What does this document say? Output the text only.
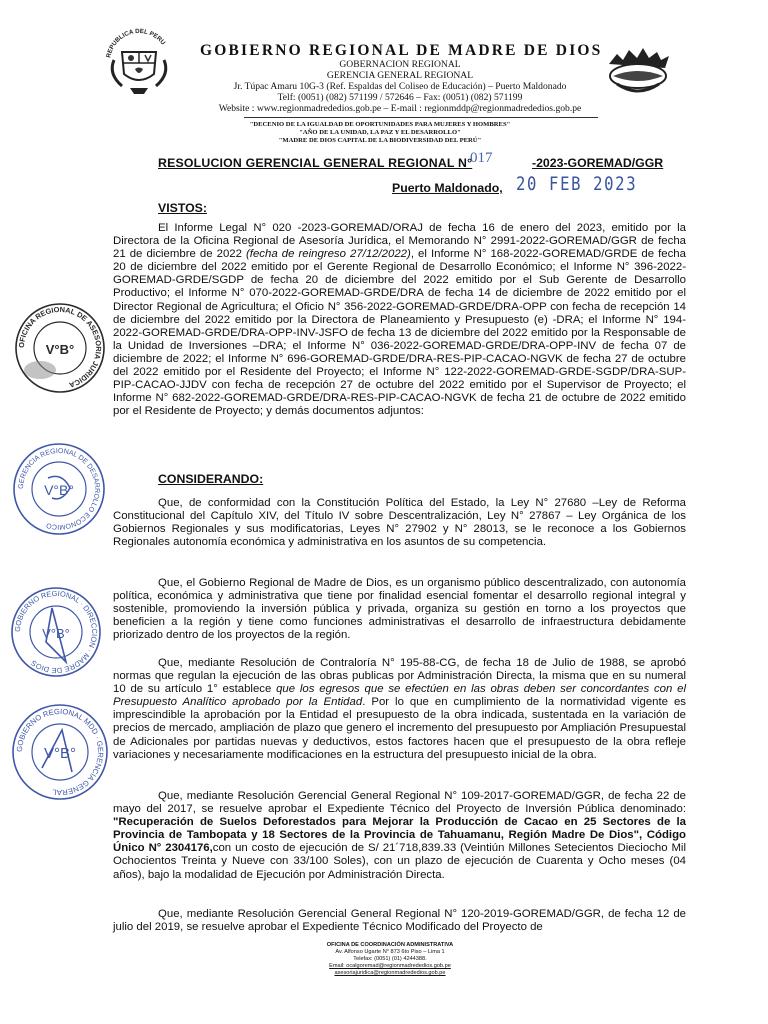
REPUBLICA DEL PERU GOBIERNO REGIONAL DE MADRE DE DIOS
GOBERNACION REGIONAL
GERENCIA GENERAL REGIONAL
Jr. Túpac Amaru 10G-3 (Ref. Espaldas del Coliseo de Educación) – Puerto Maldonado
Telf: (0051) (082) 571199 / 572646 – Fax: (0051) (082) 571199
Website : www.regionmadrededios.gob.pe – E-mail : regionmddp@regionmadrededios.gob.pe
"DECENIO DE LA IGUALDAD DE OPORTUNIDADES PARA MUJERES Y HOMBRES"
"AÑO DE LA UNIDAD, LA PAZ Y EL DESARROLLO"
"MADRE DE DIOS CAPITAL DE LA BIODIVERSIDAD DEL PERÚ"
RESOLUCION GERENCIAL GENERAL REGIONAL N°
017	-2023-GOREMAD/GGR
Puerto Maldonado, 20 FEB 2023
VISTOS:

El Informe Legal N° 020 -2023-GOREMAD/ORAJ de fecha 16 de enero del 2023, emitido por la Directora de la Oficina Regional de Asesoría Jurídica, el Memorando N° 2991-2022-GOREMAD/GGR de fecha 21 de diciembre de 2022 (fecha de reingreso 27/12/2022), el Informe N° 168-2022-GOREMAD/GRDE de fecha 20 de diciembre del 2022 emitido por el Gerente Regional de Desarrollo Económico; el Informe N° 396-2022-GOREMAD-GRDE/SGDP de fecha 20 de diciembre del 2022 emitido por el Sub Gerente de Desarrollo Productivo; el Informe N° 070-2022-GOREMAD-GRDE/DRA de fecha 14 de diciembre de 2022 emitido por el Director Regional de Agricultura; el Oficio N° 356-2022-GOREMAD-GRDE/DRA-OPP con fecha de recepción 14 de diciembre del 2022 emitido por la Directora de Planeamiento y Presupuesto (e) -DRA; el Informe N° 194-2022-GOREMAD-GRDE/DRA-OPP-INV-JSFO de fecha 13 de diciembre del 2022 emitido por la Responsable de la Unidad de Inversiones –DRA; el Informe N° 036-2022-GOREMAD-GRDE/DRA-OPP-INV de fecha 07 de diciembre de 2022; el Informe N° 696-GOREMAD-GRDE/DRA-RES-PIP-CACAO-NGVK de fecha 27 de octubre del 2022 emitido por el Residente del Proyecto; el Informe N° 122-2022-GOREMAD-GRDE-SGDP/DRA-SUP-PIP-CACAO-JJDV con fecha de recepción 27 de octubre del 2022 emitido por el Supervisor de Proyecto; el Informe N° 682-2022-GOREMAD-GRDE/DRA-RES-PIP-CACAO-NGVK de fecha 21 de octubre de 2022 emitido por el Residente de Proyecto; y demás documentos adjuntos:

CONSIDERANDO:

Que, de conformidad con la Constitución Política del Estado, la Ley N° 27680 –Ley de Reforma Constitucional del Capítulo XIV, del Título IV sobre Descentralización, Ley N° 27867 – Ley Orgánica de los Gobiernos Regionales y sus modificatorias, Leyes N° 27902 y N° 28013, se le reconoce a los Gobiernos Regionales autonomía económica y administrativa en los asuntos de su competencia.

Que, el Gobierno Regional de Madre de Dios, es un organismo público descentralizado, con autonomía política, económica y administrativa que tiene por finalidad esencial fomentar el desarrollo regional integral y sostenible, promoviendo la inversión pública y privada, organiza su gestión en torno a los proyectos que beneficien a la región y tiene como funciones administrativas el desarrollo de infraestructura debidamente priorizado dentro de los proyectos de la región.

Que, mediante Resolución de Contraloría N° 195-88-CG, de fecha 18 de Julio de 1988, se aprobó normas que regulan la ejecución de las obras publicas por Administración Directa, la misma que en su numeral 10 de su artículo 1° establece que los egresos que se efectúen en las obras deben ser concordantes con el Presupuesto Analítico aprobado por la Entidad. Por lo que en cumplimiento de la normatividad vigente es imprescindible la aprobación por la Entidad el presupuesto de la obra indicada, sustentada en la variación de precios de mercado, ampliación de plazo que genero el incremento del presupuesto por Ampliación Presupuestal de Adicionales por partidas nuevas y deductivos, estos factores hacen que el presupuesto de la obra refleje variaciones y necesariamente modificaciones en la estructura del presupuesto inicial de la obra.

Que, mediante Resolución Gerencial General Regional N° 109-2017-GOREMAD/GGR, de fecha 22 de mayo del 2017, se resuelve aprobar el Expediente Técnico del Proyecto de Inversión Pública denominado: "Recuperación de Suelos Deforestados para Mejorar la Producción de Cacao en 25 Sectores de la Provincia de Tambopata y 18 Sectores de la Provincia de Tahuamanu, Región Madre De Dios", Código Único N° 2304176,con un costo de ejecución de S/ 21´718,839.33 (Veintiún Millones Setecientos Dieciocho Mil Ochocientos Treinta y Nueve con 33/100 Soles), con un plazo de ejecución de Cuarenta y Ocho meses (04 años), bajo la modalidad de Ejecución por Administración Directa.

Que, mediante Resolución Gerencial General Regional N° 120-2019-GOREMAD/GGR, de fecha 12 de julio del 2019, se resuelve aprobar el Expediente Técnico Modificado del Proyecto de

OFICINA DE COORDINACIÓN ADMINISTRATIVA
Av. Alfonso Ugarte N° 873 6to Piso – Lima 1
Telefax: (0051) (01) 4244388.
Email: ocalgoremad@regionmadrededios.gob.pe
asesoriajuridica@regionmadrededios.gob.pe
OFICINA REGIONAL DE ASESORIA JURIDICA
V°B°
GERENCIA REGIONAL DE DESARROLLO ECONOMICO
V°B°
GOBIERNO REGIONAL · DIRECCION · MADRE DE DIOS
V°B°
GOBIERNO REGIONAL MDD · GERENCIA GENERAL
V°B°
